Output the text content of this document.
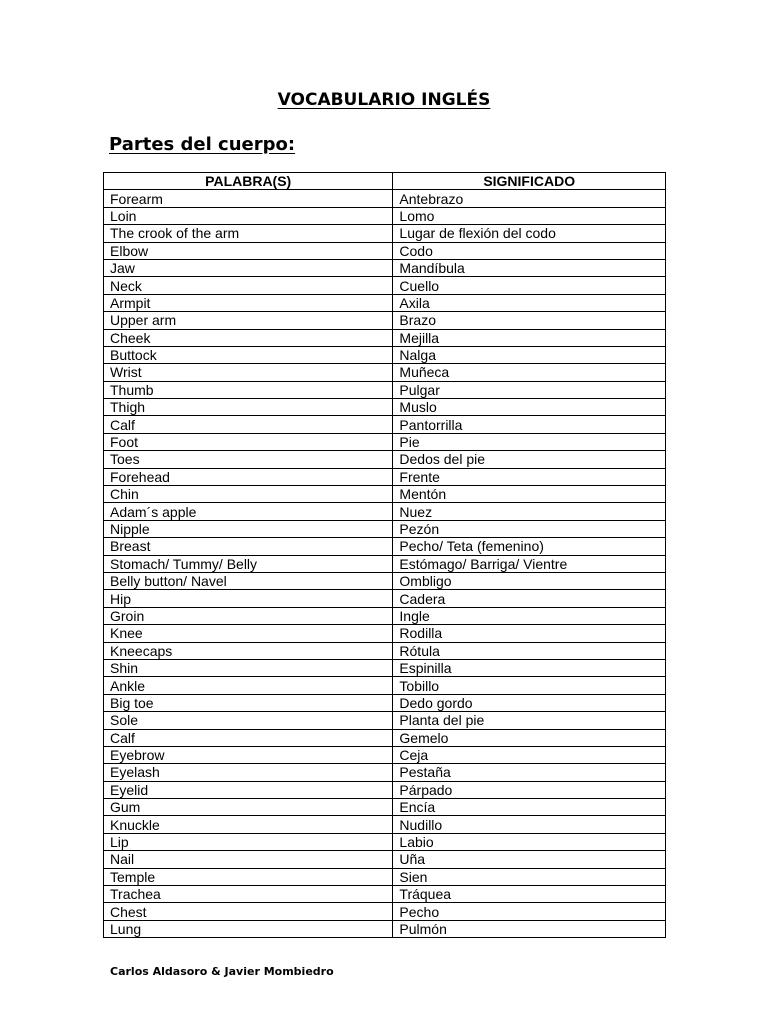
VOCABULARIO INGLÉS
Partes del cuerpo:
PALABRA(S)	SIGNIFICADO
Forearm	Antebrazo
Loin	Lomo
The crook of the arm	Lugar de flexión del codo
Elbow	Codo
Jaw	Mandíbula
Neck	Cuello
Armpit	Axila
Upper arm	Brazo
Cheek	Mejilla
Buttock	Nalga
Wrist	Muñeca
Thumb	Pulgar
Thigh	Muslo
Calf	Pantorrilla
Foot	Pie
Toes	Dedos del pie
Forehead	Frente
Chin	Mentón
Adam´s apple	Nuez
Nipple	Pezón
Breast	Pecho/ Teta (femenino)
Stomach/ Tummy/ Belly	Estómago/ Barriga/ Vientre
Belly button/ Navel	Ombligo
Hip	Cadera
Groin	Ingle
Knee	Rodilla
Kneecaps	Rótula
Shin	Espinilla
Ankle	Tobillo
Big toe	Dedo gordo
Sole	Planta del pie
Calf	Gemelo
Eyebrow	Ceja
Eyelash	Pestaña
Eyelid	Párpado
Gum	Encía
Knuckle	Nudillo
Lip	Labio
Nail	Uña
Temple	Sien
Trachea	Tráquea
Chest	Pecho
Lung	Pulmón
Carlos Aldasoro & Javier Mombiedro
